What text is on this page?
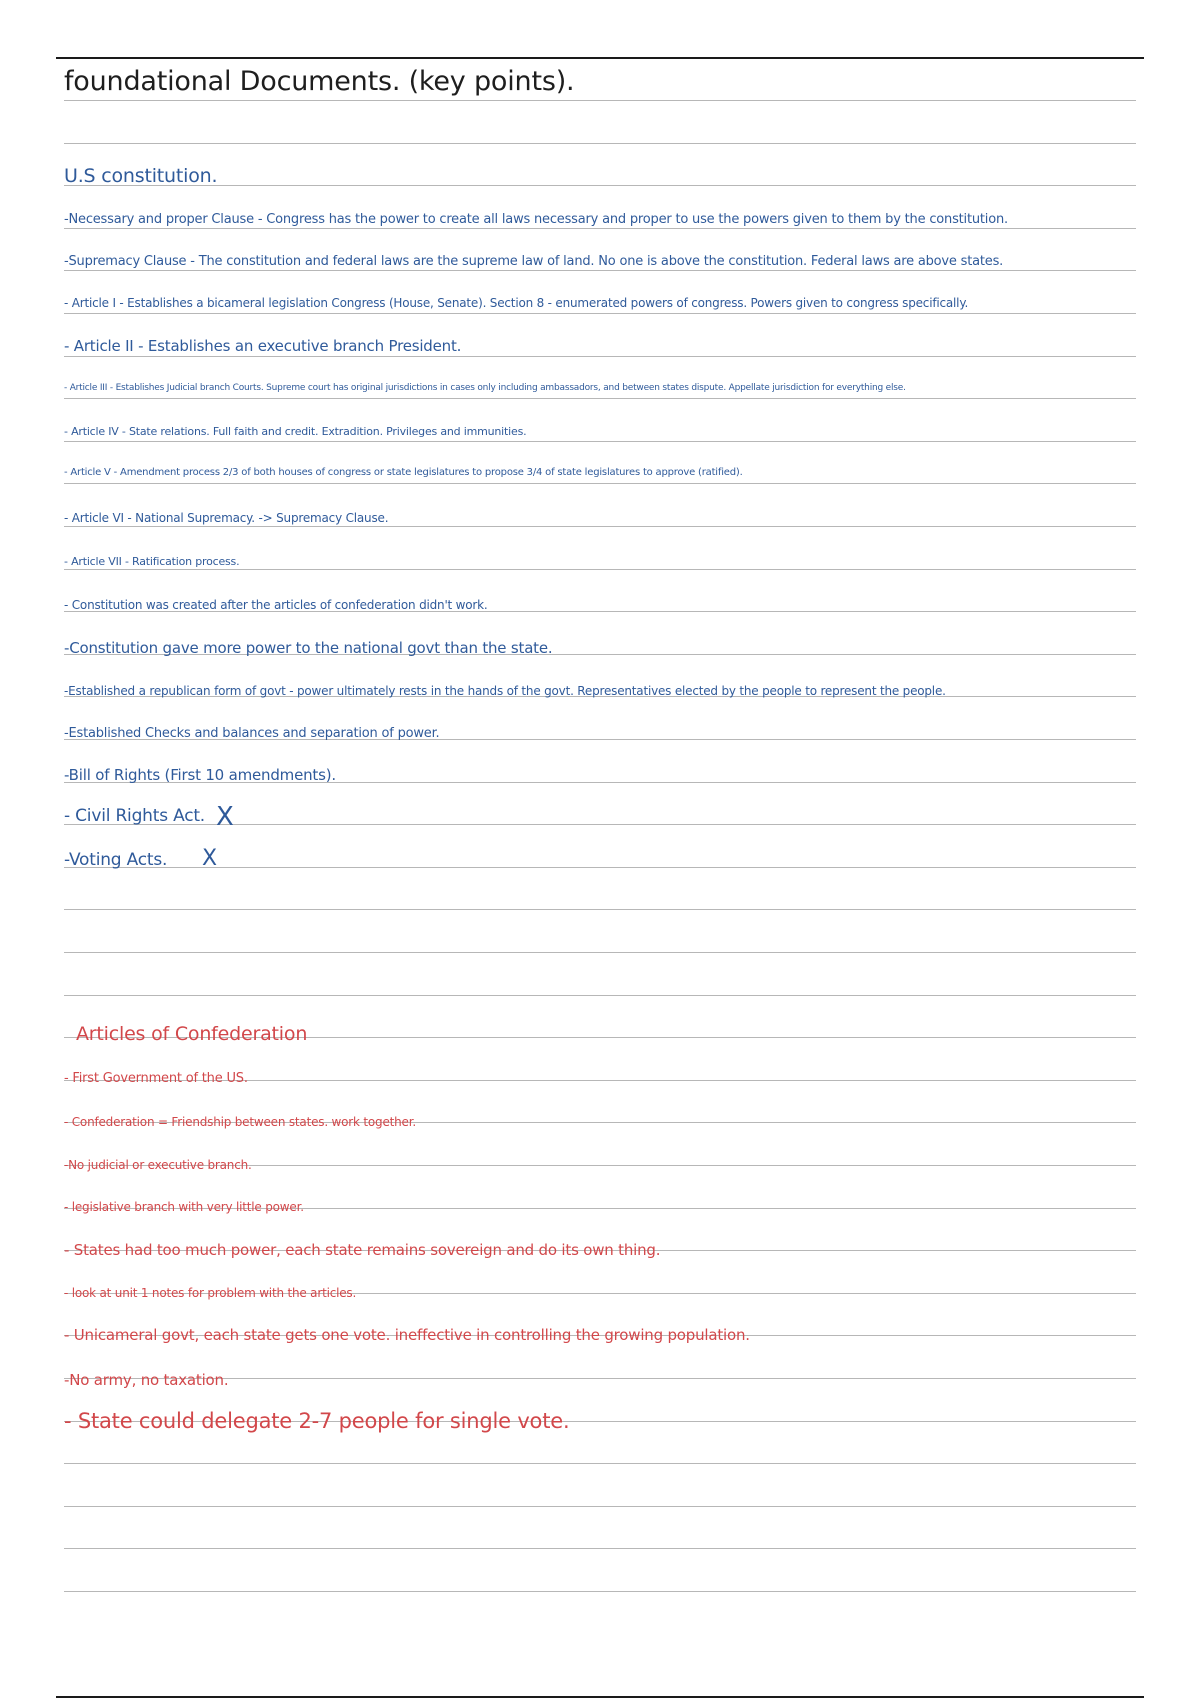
foundational Documents. (key points).
U.S constitution.
-Necessary and proper Clause - Congress has the power to create all laws necessary and proper to use the powers given to them by the constitution.
-Supremacy Clause - The constitution and federal laws are the supreme law of land. No one is above the constitution. Federal laws are above states.
- Article I - Establishes a bicameral legislation Congress (House, Senate). Section 8 - enumerated powers of congress. Powers given to congress specifically.
- Article II - Establishes an executive branch President.
- Article III - Establishes Judicial branch Courts. Supreme court has original jurisdictions in cases only including ambassadors, and between states dispute. Appellate jurisdiction for everything else.
- Article IV - State relations. Full faith and credit. Extradition. Privileges and immunities.
- Article V - Amendment process 2/3 of both houses of congress or state legislatures to propose 3/4 of state legislatures to approve (ratified).
- Article VI - National Supremacy. -> Supremacy Clause.
- Article VII - Ratification process.
- Constitution was created after the articles of confederation didn't work.
-Constitution gave more power to the national govt than the state.
-Established a republican form of govt - power ultimately rests in the hands of the govt. Representatives elected by the people to represent the people.
-Established Checks and balances and separation of power.
-Bill of Rights (First 10 amendments).
- Civil Rights Act.
-Voting Acts.
X
X
Articles of Confederation
- First Government of the US.
- Confederation = Friendship between states. work together.
-No judicial or executive branch.
- legislative branch with very little power.
- States had too much power, each state remains sovereign and do its own thing.
- look at unit 1 notes for problem with the articles.
- Unicameral govt, each state gets one vote. ineffective in controlling the growing population.
-No army, no taxation.
- State could delegate 2-7 people for single vote.
